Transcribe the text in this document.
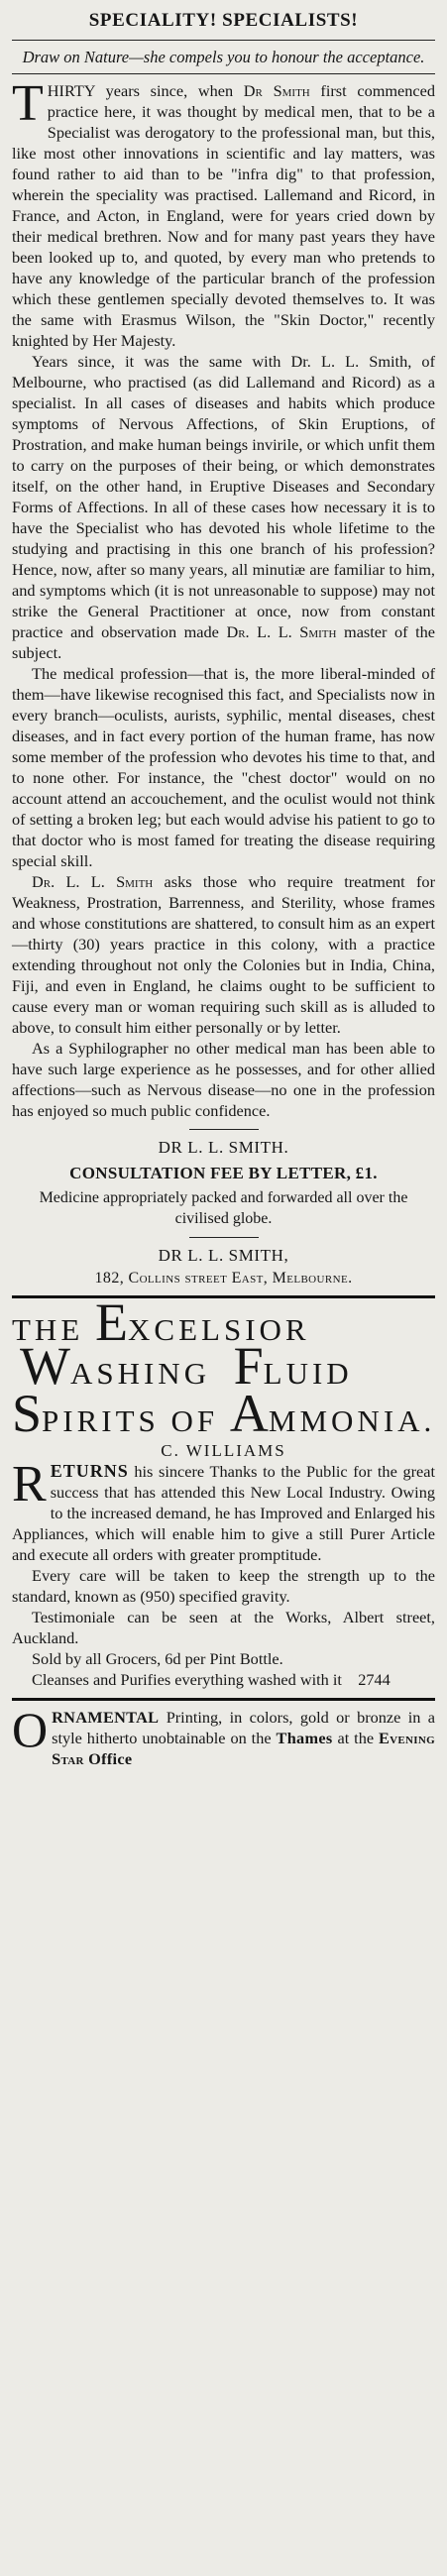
SPECIALITY! SPECIALISTS!
Draw on Nature—she compels you to honour the acceptance.

THIRTY years since, when Dr Smith first commenced practice here, it was thought by medical men, that to be a Specialist was derogatory to the professional man, but this, like most other innovations in scientific and lay matters, was found rather to aid than to be "infra dig" to that profession, wherein the speciality was practised. Lallemand and Ricord, in France, and Acton, in England, were for years cried down by their medical brethren. Now and for many past years they have been looked up to, and quoted, by every man who pretends to have any knowledge of the particular branch of the profession which these gentlemen specially devoted themselves to. It was the same with Erasmus Wilson, the "Skin Doctor," recently knighted by Her Majesty.

Years since, it was the same with Dr. L. L. Smith, of Melbourne, who practised (as did Lallemand and Ricord) as a specialist. In all cases of diseases and habits which produce symptoms of Nervous Affections, of Skin Eruptions, of Prostration, and make human beings invirile, or which unfit them to carry on the purposes of their being, or which demonstrates itself, on the other hand, in Eruptive Diseases and Secondary Forms of Affections. In all of these cases how necessary it is to have the Specialist who has devoted his whole lifetime to the studying and practising in this one branch of his profession? Hence, now, after so many years, all minutiæ are familiar to him, and symptoms which (it is not unreasonable to suppose) may not strike the General Practitioner at once, now from constant practice and observation made Dr. L. L. Smith master of the subject.

The medical profession—that is, the more liberal-minded of them—have likewise recognised this fact, and Specialists now in every branch—oculists, aurists, syphilic, mental diseases, chest diseases, and in fact every portion of the human frame, has now some member of the profession who devotes his time to that, and to none other. For instance, the "chest doctor" would on no account attend an accouchement, and the oculist would not think of setting a broken leg; but each would advise his patient to go to that doctor who is most famed for treating the disease requiring special skill.

Dr. L. L. Smith asks those who require treatment for Weakness, Prostration, Barrenness, and Sterility, whose frames and whose constitutions are shattered, to consult him as an expert—thirty (30) years practice in this colony, with a practice extending throughout not only the Colonies but in India, China, Fiji, and even in England, he claims ought to be sufficient to cause every man or woman requiring such skill as is alluded to above, to consult him either personally or by letter.

As a Syphilographer no other medical man has been able to have such large experience as he possesses, and for other allied affections—such as Nervous disease—no one in the profession has enjoyed so much public confidence.

DR L. L. SMITH.
CONSULTATION FEE BY LETTER, £1.
Medicine appropriately packed and forwarded all over the civilised globe.
DR L. L. SMITH,
182, Collins street East, Melbourne.
THE EXCELSIOR
WASHING FLUID
SPIRITS OF AMMONIA.
C. WILLIAMS

RETURNS his sincere Thanks to the Public for the great success that has attended this New Local Industry. Owing to the increased demand, he has Improved and Enlarged his Appliances, which will enable him to give a still Purer Article and execute all orders with greater promptitude.

Every care will be taken to keep the strength up to the standard, known as (950) specified gravity.

Testimoniale can be seen at the Works, Albert street, Auckland.

Sold by all Grocers, 6d per Pint Bottle.

Cleanses and Purifies everything washed with it 2744

ORNAMENTAL Printing, in colors, gold or bronze in a style hitherto unobtainable on the Thames at the Evening Star Office
